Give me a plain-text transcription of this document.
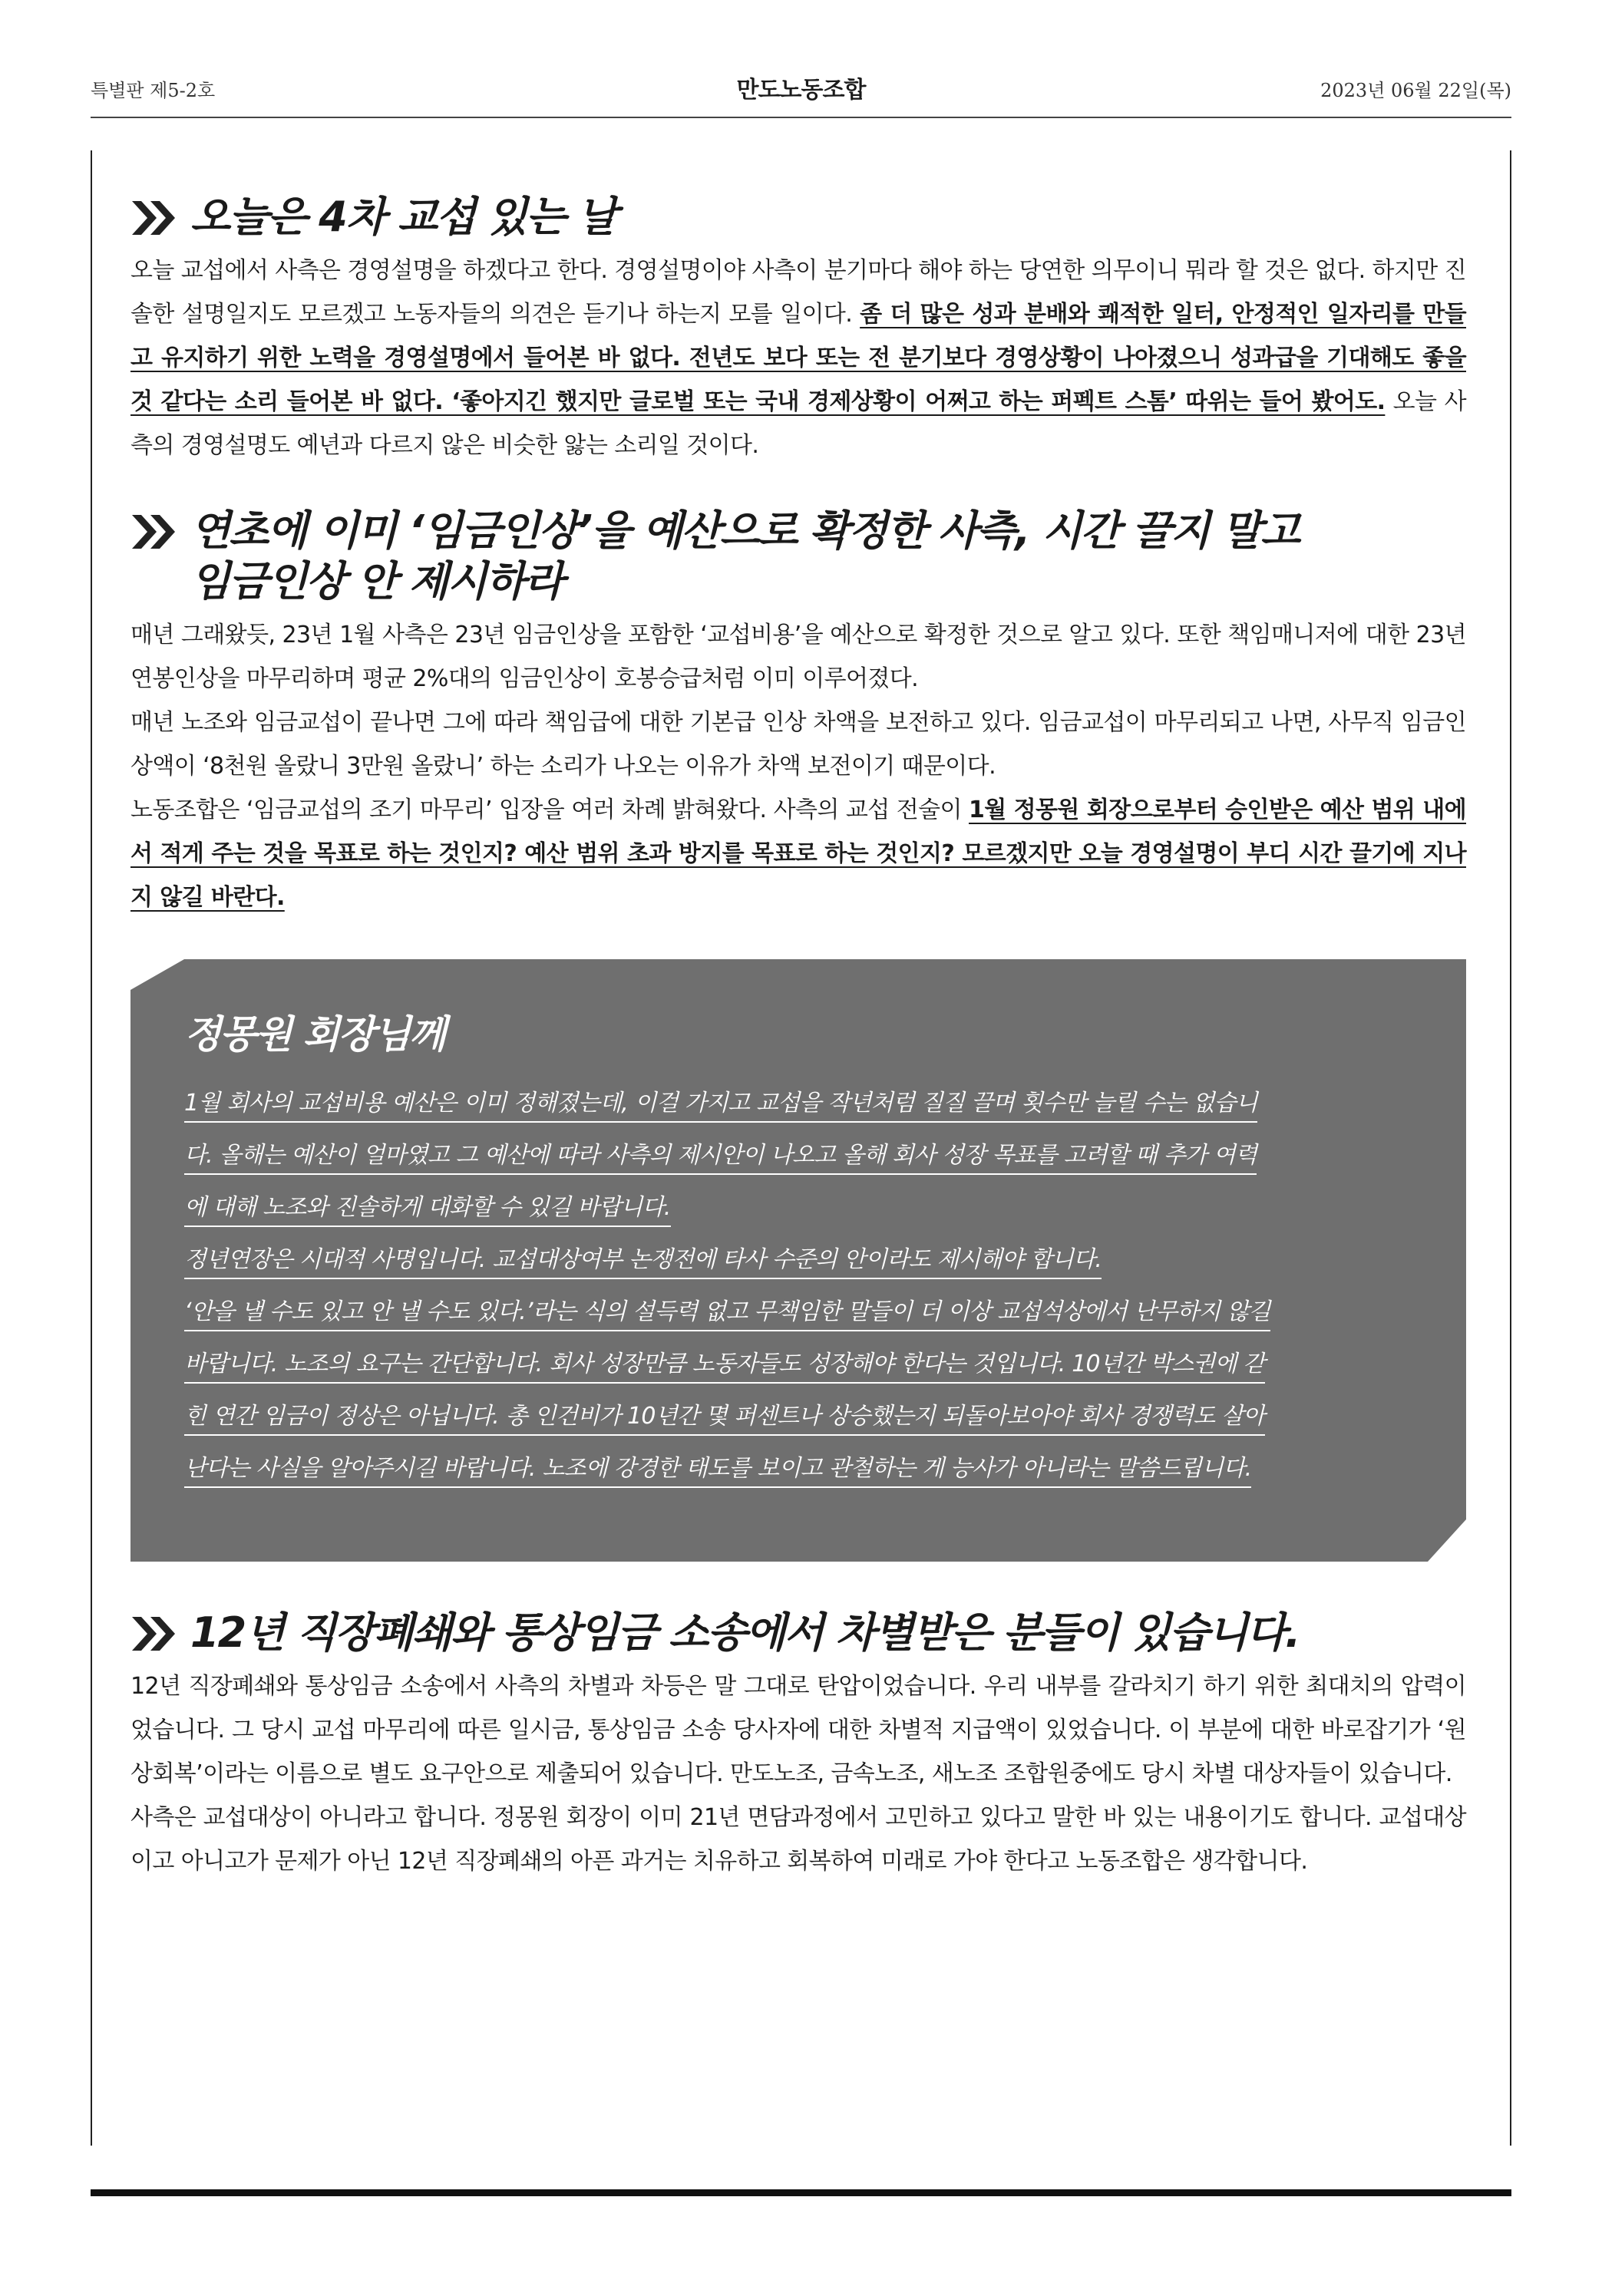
특별판 제5-2호	만도노동조합	2023년 06월 22일(목)
오늘은 4차 교섭 있는 날

오늘 교섭에서 사측은 경영설명을 하겠다고 한다. 경영설명이야 사측이 분기마다 해야 하는 당연한 의무이니 뭐라 할 것은 없다. 하지만 진솔한 설명일지도 모르겠고 노동자들의 의견은 듣기나 하는지 모를 일이다. 좀 더 많은 성과 분배와 쾌적한 일터, 안정적인 일자리를 만들고 유지하기 위한 노력을 경영설명에서 들어본 바 없다. 전년도 보다 또는 전 분기보다 경영상황이 나아졌으니 성과급을 기대해도 좋을 것 같다는 소리 들어본 바 없다. ‘좋아지긴 했지만 글로벌 또는 국내 경제상황이 어쩌고 하는 퍼펙트 스톰’ 따위는 들어 봤어도. 오늘 사측의 경영설명도 예년과 다르지 않은 비슷한 앓는 소리일 것이다.

연초에 이미 ‘임금인상’을 예산으로 확정한 사측, 시간 끌지 말고
임금인상 안 제시하라

매년 그래왔듯, 23년 1월 사측은 23년 임금인상을 포함한 ‘교섭비용’을 예산으로 확정한 것으로 알고 있다. 또한 책임매니저에 대한 23년 연봉인상을 마무리하며 평균 2%대의 임금인상이 호봉승급처럼 이미 이루어졌다.

매년 노조와 임금교섭이 끝나면 그에 따라 책임급에 대한 기본급 인상 차액을 보전하고 있다. 임금교섭이 마무리되고 나면, 사무직 임금인상액이 ‘8천원 올랐니 3만원 올랐니’ 하는 소리가 나오는 이유가 차액 보전이기 때문이다.

노동조합은 ‘임금교섭의 조기 마무리’ 입장을 여러 차례 밝혀왔다. 사측의 교섭 전술이 1월 정몽원 회장으로부터 승인받은 예산 범위 내에서 적게 주는 것을 목표로 하는 것인지? 예산 범위 초과 방지를 목표로 하는 것인지? 모르겠지만 오늘 경영설명이 부디 시간 끌기에 지나지 않길 바란다.

정몽원 회장님께
1월 회사의 교섭비용 예산은 이미 정해졌는데, 이걸 가지고 교섭을 작년처럼 질질 끌며 횟수만 늘릴 수는 없습니
다. 올해는 예산이 얼마였고 그 예산에 따라 사측의 제시안이 나오고 올해 회사 성장 목표를 고려할 때 추가 여력
에 대해 노조와 진솔하게 대화할 수 있길 바랍니다.
정년연장은 시대적 사명입니다. 교섭대상여부 논쟁전에 타사 수준의 안이라도 제시해야 합니다.
‘안을 낼 수도 있고 안 낼 수도 있다.’라는 식의 설득력 없고 무책임한 말들이 더 이상 교섭석상에서 난무하지 않길
바랍니다. 노조의 요구는 간단합니다. 회사 성장만큼 노동자들도 성장해야 한다는 것입니다. 10년간 박스권에 갇
힌 연간 임금이 정상은 아닙니다. 총 인건비가 10년간 몇 퍼센트나 상승했는지 되돌아보아야 회사 경쟁력도 살아
난다는 사실을 알아주시길 바랍니다. 노조에 강경한 태도를 보이고 관철하는 게 능사가 아니라는 말씀드립니다.
12년 직장폐쇄와 통상임금 소송에서 차별받은 분들이 있습니다.

12년 직장폐쇄와 통상임금 소송에서 사측의 차별과 차등은 말 그대로 탄압이었습니다. 우리 내부를 갈라치기 하기 위한 최대치의 압력이었습니다. 그 당시 교섭 마무리에 따른 일시금, 통상임금 소송 당사자에 대한 차별적 지급액이 있었습니다. 이 부분에 대한 바로잡기가 ‘원상회복’이라는 이름으로 별도 요구안으로 제출되어 있습니다. 만도노조, 금속노조, 새노조 조합원중에도 당시 차별 대상자들이 있습니다.

사측은 교섭대상이 아니라고 합니다. 정몽원 회장이 이미 21년 면담과정에서 고민하고 있다고 말한 바 있는 내용이기도 합니다. 교섭대상이고 아니고가 문제가 아닌 12년 직장폐쇄의 아픈 과거는 치유하고 회복하여 미래로 가야 한다고 노동조합은 생각합니다.
